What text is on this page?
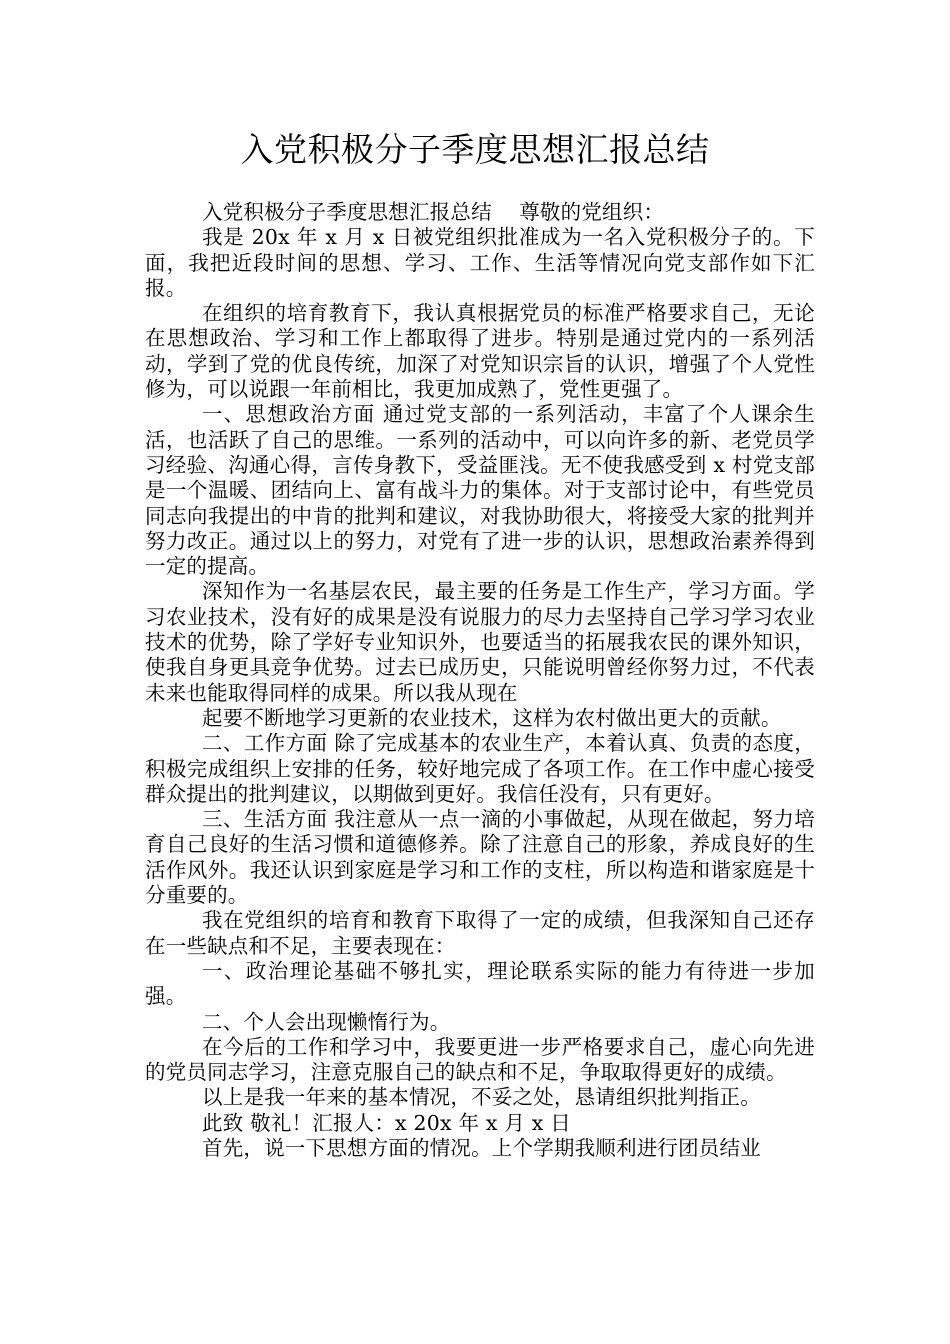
入党积极分子季度思想汇报总结

入党积极分子季度思想汇报总结　 尊敬的党组织：

我是 20x 年 x 月 x 日被党组织批准成为一名入党积极分子的。下面，我把近段时间的思想、学习、工作、生活等情况向党支部作如下汇报。

在组织的培育教育下，我认真根据党员的标准严格要求自己，无论在思想政治、学习和工作上都取得了进步。特别是通过党内的一系列活动，学到了党的优良传统，加深了对党知识宗旨的认识，增强了个人党性修为，可以说跟一年前相比，我更加成熟了，党性更强了。

一、思想政治方面 通过党支部的一系列活动，丰富了个人课余生活，也活跃了自己的思维。一系列的活动中，可以向许多的新、老党员学习经验、沟通心得，言传身教下，受益匪浅。无不使我感受到 x 村党支部是一个温暖、团结向上、富有战斗力的集体。对于支部讨论中，有些党员同志向我提出的中肯的批判和建议，对我协助很大，将接受大家的批判并努力改正。通过以上的努力，对党有了进一步的认识，思想政治素养得到一定的提高。

深知作为一名基层农民，最主要的任务是工作生产，学习方面。学习农业技术，没有好的成果是没有说服力的尽力去坚持自己学习学习农业技术的优势，除了学好专业知识外，也要适当的拓展我农民的课外知识，使我自身更具竞争优势。过去已成历史，只能说明曾经你努力过，不代表未来也能取得同样的成果。所以我从现在

起要不断地学习更新的农业技术，这样为农村做出更大的贡献。

二、工作方面 除了完成基本的农业生产，本着认真、负责的态度，积极完成组织上安排的任务，较好地完成了各项工作。在工作中虚心接受群众提出的批判建议，以期做到更好。我信任没有，只有更好。

三、生活方面 我注意从一点一滴的小事做起，从现在做起，努力培育自己良好的生活习惯和道德修养。除了注意自己的形象，养成良好的生活作风外。我还认识到家庭是学习和工作的支柱，所以构造和谐家庭是十分重要的。

我在党组织的培育和教育下取得了一定的成绩，但我深知自己还存在一些缺点和不足，主要表现在：

一、政治理论基础不够扎实，理论联系实际的能力有待进一步加强。

二、个人会出现懒惰行为。

在今后的工作和学习中，我要更进一步严格要求自己，虚心向先进的党员同志学习，注意克服自己的缺点和不足，争取取得更好的成绩。

以上是我一年来的基本情况，不妥之处，恳请组织批判指正。

此致 敬礼！汇报人：x 20x 年 x 月 x 日

首先，说一下思想方面的情况。上个学期我顺利进行团员结业
